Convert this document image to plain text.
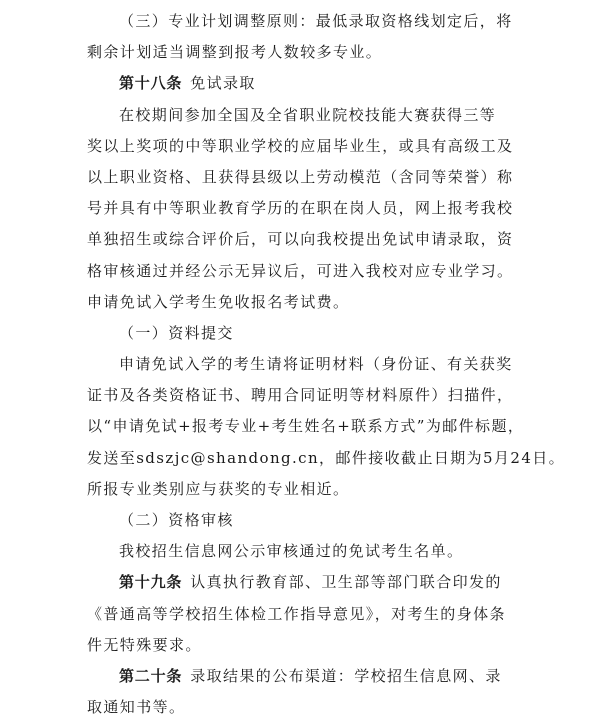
（三）专业计划调整原则：最低录取资格线划定后，将
剩余计划适当调整到报考人数较多专业。
第十八条 免试录取
在校期间参加全国及全省职业院校技能大赛获得三等
奖以上奖项的中等职业学校的应届毕业生，或具有高级工及
以上职业资格、且获得县级以上劳动模范（含同等荣誉）称
号并具有中等职业教育学历的在职在岗人员，网上报考我校
单独招生或综合评价后，可以向我校提出免试申请录取，资
格审核通过并经公示无异议后，可进入我校对应专业学习。
申请免试入学考生免收报名考试费。
（一）资料提交
申请免试入学的考生请将证明材料（身份证、有关获奖
证书及各类资格证书、聘用合同证明等材料原件）扫描件，
以“申请免试+报考专业+考生姓名+联系方式”为邮件标题，
发送至sdszjc@shandong.cn，邮件接收截止日期为5月24日。
所报专业类别应与获奖的专业相近。
（二）资格审核
我校招生信息网公示审核通过的免试考生名单。
第十九条 认真执行教育部、卫生部等部门联合印发的
《普通高等学校招生体检工作指导意见》，对考生的身体条
件无特殊要求。
第二十条 录取结果的公布渠道：学校招生信息网、录
取通知书等。
